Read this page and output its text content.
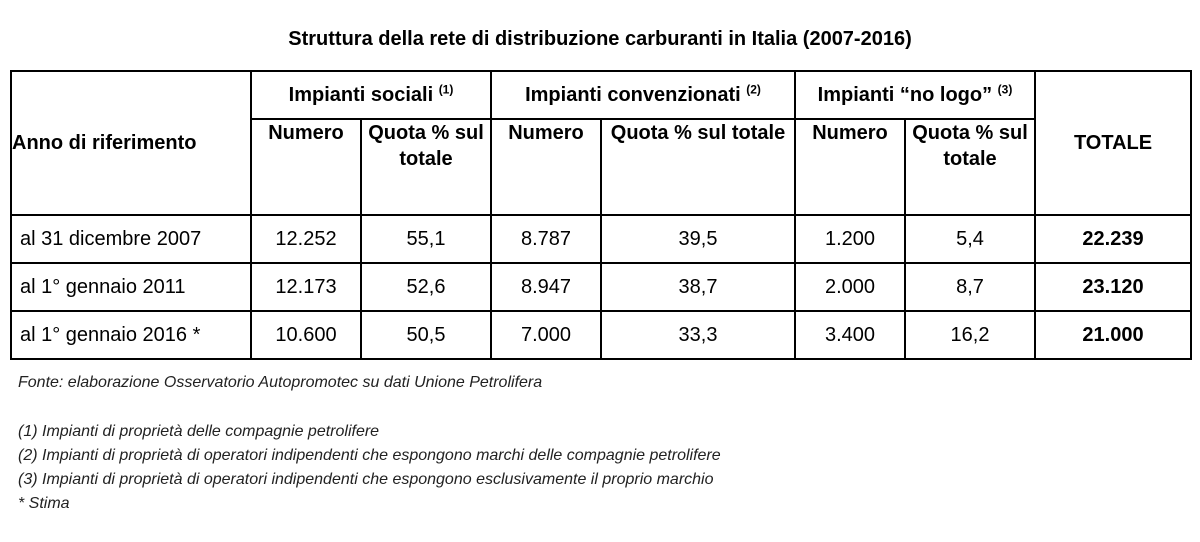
Struttura della rete di distribuzione carburanti in Italia (2007-2016)
Anno di riferimento	Impianti sociali $^{(1)}$		Impianti convenzionati $^{(2)}$		Impianti “no logo” $^{(3)}$		TOTALE
	Numero	Quota % sul totale	Numero	Quota % sul totale	Numero	Quota % sul totale	
al 31 dicembre 2007	12.252	55,1	8.787	39,5	1.200	5,4	22.239
al 1° gennaio 2011	12.173	52,6	8.947	38,7	2.000	8,7	23.120
al 1° gennaio 2016 *	10.600	50,5	7.000	33,3	3.400	16,2	21.000
Fonte: elaborazione Osservatorio Autopromotec su dati Unione Petrolifera
(1) Impianti di proprietà delle compagnie petrolifere
(2) Impianti di proprietà di operatori indipendenti che espongono marchi delle compagnie petrolifere
(3) Impianti di proprietà di operatori indipendenti che espongono esclusivamente il proprio marchio
* Stima
